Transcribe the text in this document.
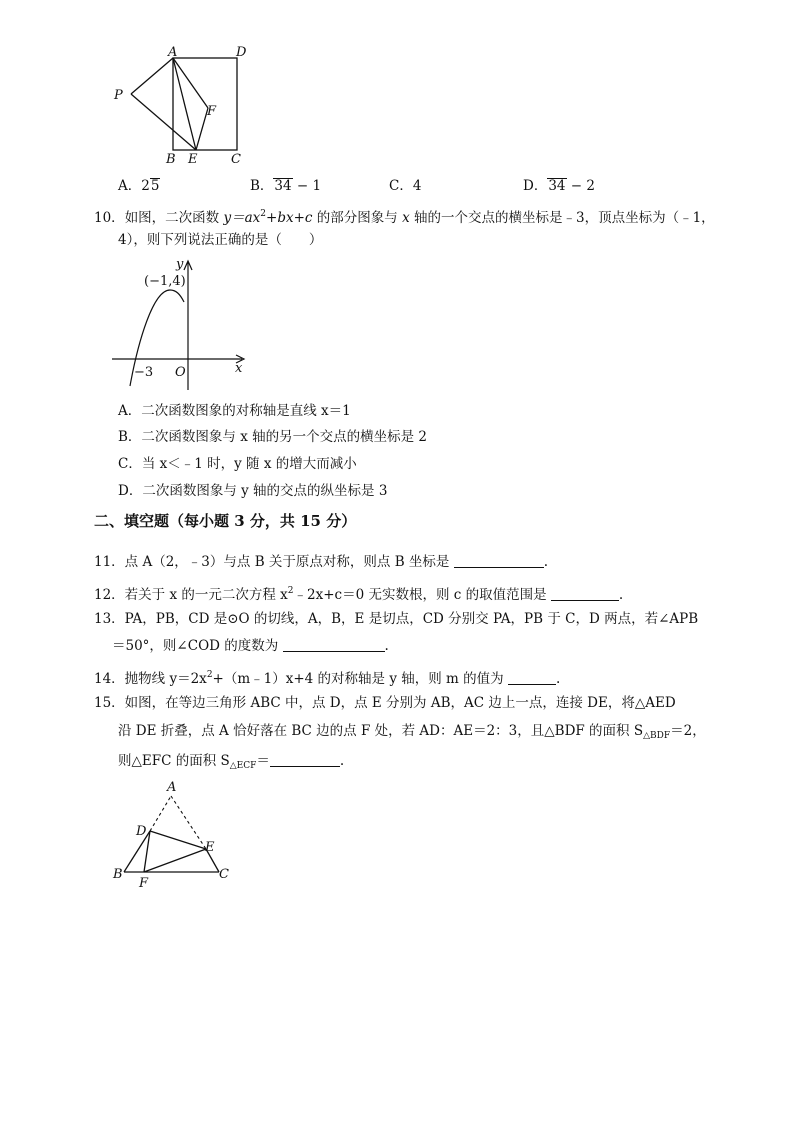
A	D
P
F
B E	C
A．25	B．34 − 1	C．4	D．34 − 2
10．如图，二次函数 $y=ax^2+bx+c$ 的部分图象与 x 轴的一个交点的横坐标是﹣3，顶点坐标为（﹣1，
4），则下列说法正确的是（　　）
y
(−1,4)
−3 O	x
A．二次函数图象的对称轴是直线 x＝1
B．二次函数图象与 x 轴的另一个交点的横坐标是 2
C．当 x＜﹣1 时，y 随 x 的增大而减小
D．二次函数图象与 y 轴的交点的纵坐标是 3
二、填空题（每小题 3 分，共 15 分）
11．点 A（2，﹣3）与点 B 关于原点对称，则点 B 坐标是	.
12．若关于 x 的一元二次方程 $x^2﹣2x+c=0$ 无实数根，则 c 的取值范围是	.
13．PA，PB，CD 是⊙O 的切线，A，B，E 是切点，CD 分别交 PA，PB 于 C，D 两点，若∠APB
＝50°，则∠COD 的度数为	.
14．抛物线 $y=2x^2+(m﹣1)x+4$ 的对称轴是 y 轴，则 m 的值为	.
15．如图，在等边三角形 ABC 中，点 D，点 E 分别为 AB，AC 边上一点，连接 DE，将△AED
沿 DE 折叠，点 A 恰好落在 BC 边的点 F 处，若 AD：AE＝2：3，且△BDF 的面积 $S_{\triangle BDF}=2$，
则△EFC 的面积 $S_{\triangle ECF}=$	.
A
D
E
B
F
C
